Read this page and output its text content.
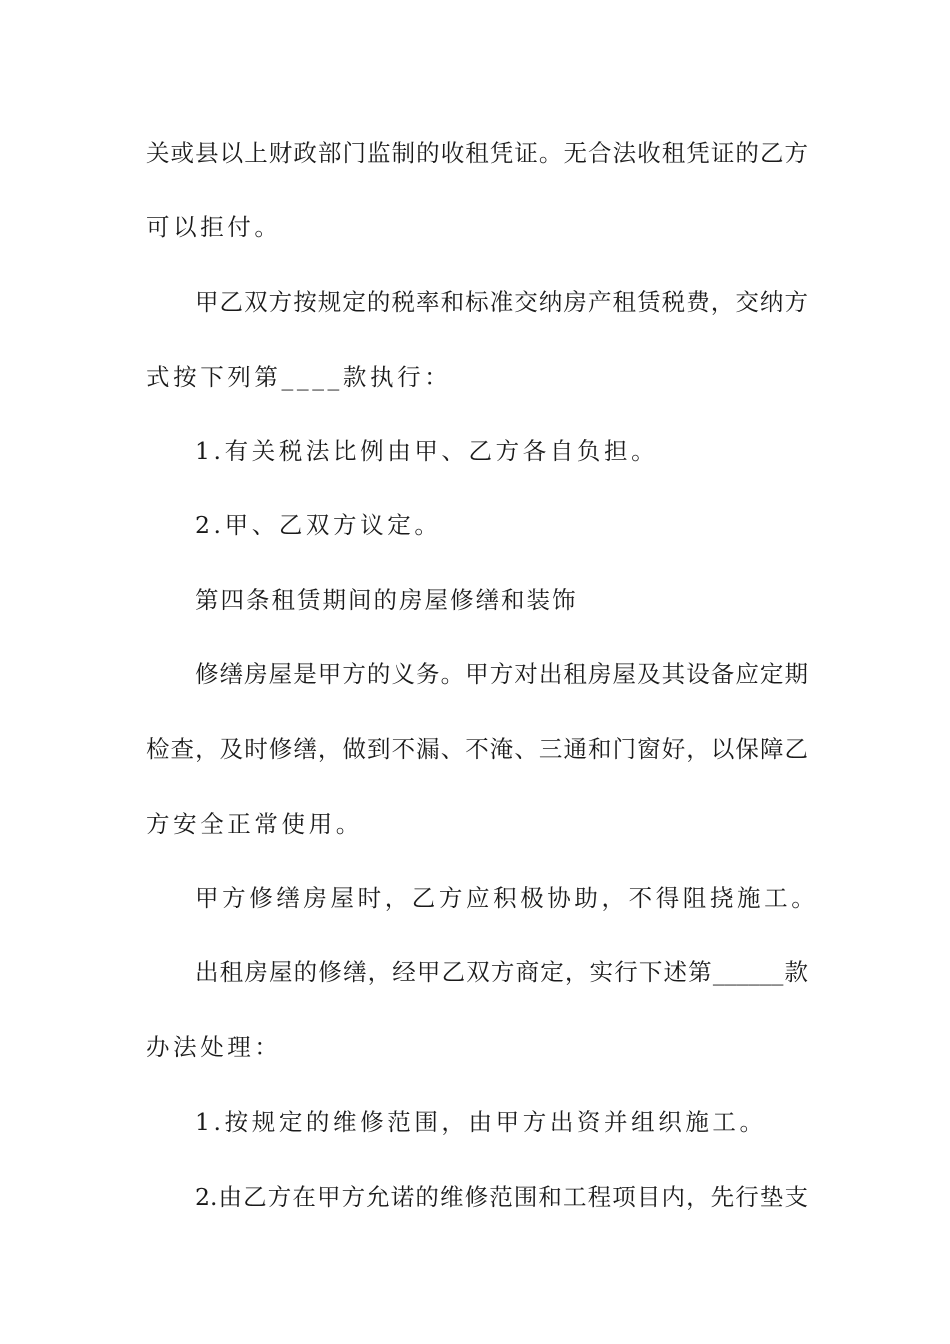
关或县以上财政部门监制的收租凭证。无合法收租凭证的乙方
可以拒付。
甲乙双方按规定的税率和标准交纳房产租赁税费，交纳方
式按下列第____款执行：
1.有关税法比例由甲、乙方各自负担。
2.甲、乙双方议定。
第四条租赁期间的房屋修缮和装饰
修缮房屋是甲方的义务。甲方对出租房屋及其设备应定期
检查，及时修缮，做到不漏、不淹、三通和门窗好，以保障乙
方安全正常使用。
甲方修缮房屋时，乙方应积极协助，不得阻挠施工。
出租房屋的修缮，经甲乙双方商定，实行下述第______款
办法处理：
1.按规定的维修范围，由甲方出资并组织施工。
2.由乙方在甲方允诺的维修范围和工程项目内，先行垫支
